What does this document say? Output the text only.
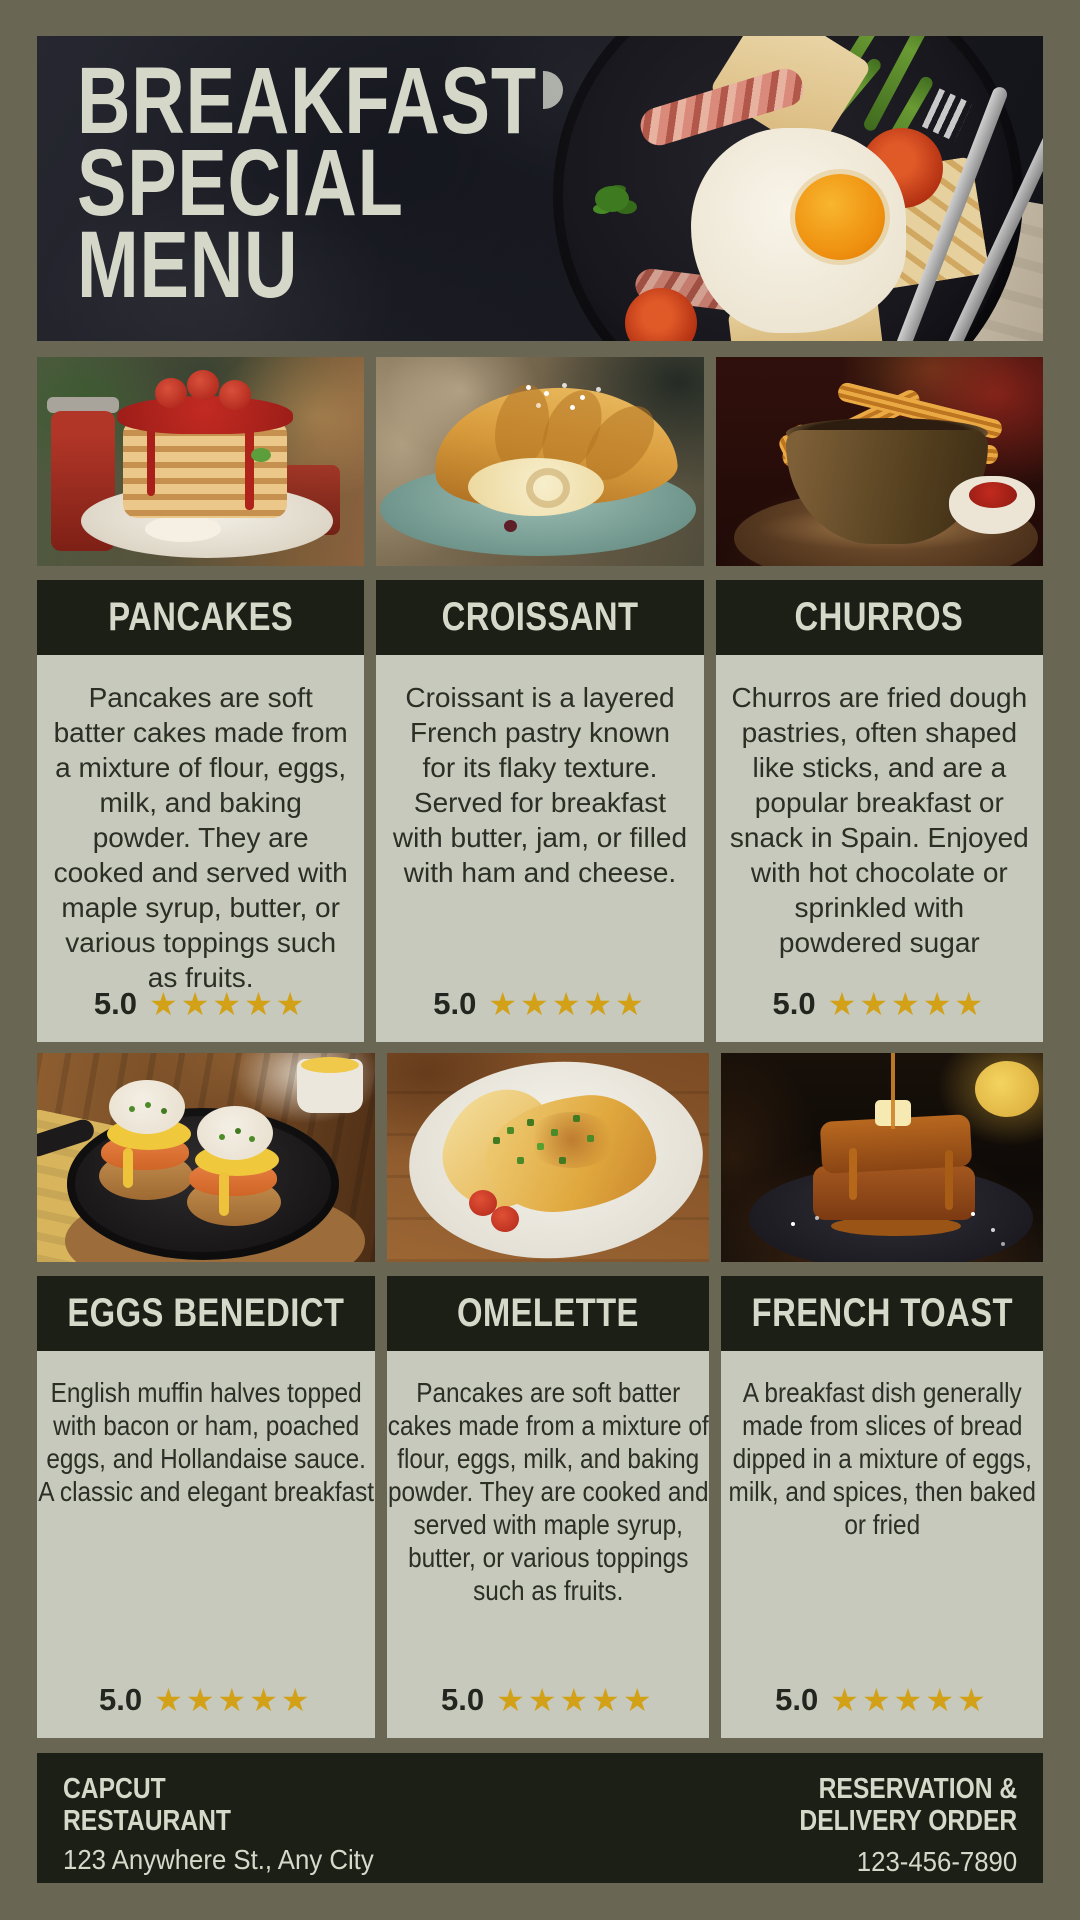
BREAKFAST
SPECIAL
MENU
PANCAKES
Pancakes are soft batter cakes made from a mixture of flour, eggs, milk, and baking powder. They are cooked and served with maple syrup, butter, or various toppings such as fruits.
5.0 ★★★★★
CROISSANT
Croissant is a layered French pastry known for its flaky texture. Served for breakfast with butter, jam, or filled with ham and cheese.
5.0 ★★★★★
CHURROS
Churros are fried dough pastries, often shaped like sticks, and are a popular breakfast or snack in Spain. Enjoyed with hot chocolate or sprinkled with powdered sugar
5.0 ★★★★★
EGGS BENEDICT
English muffin halves topped with bacon or ham, poached eggs, and Hollandaise sauce. A classic and elegant breakfast
5.0 ★★★★★
OMELETTE
Pancakes are soft batter cakes made from a mixture of flour, eggs, milk, and baking powder. They are cooked and served with maple syrup, butter, or various toppings such as fruits.
5.0 ★★★★★
FRENCH TOAST
A breakfast dish generally made from slices of bread dipped in a mixture of eggs, milk, and spices, then baked or fried
5.0 ★★★★★
CAPCUT
RESTAURANT
123 Anywhere St., Any City
RESERVATION &
DELIVERY ORDER
123-456-7890
